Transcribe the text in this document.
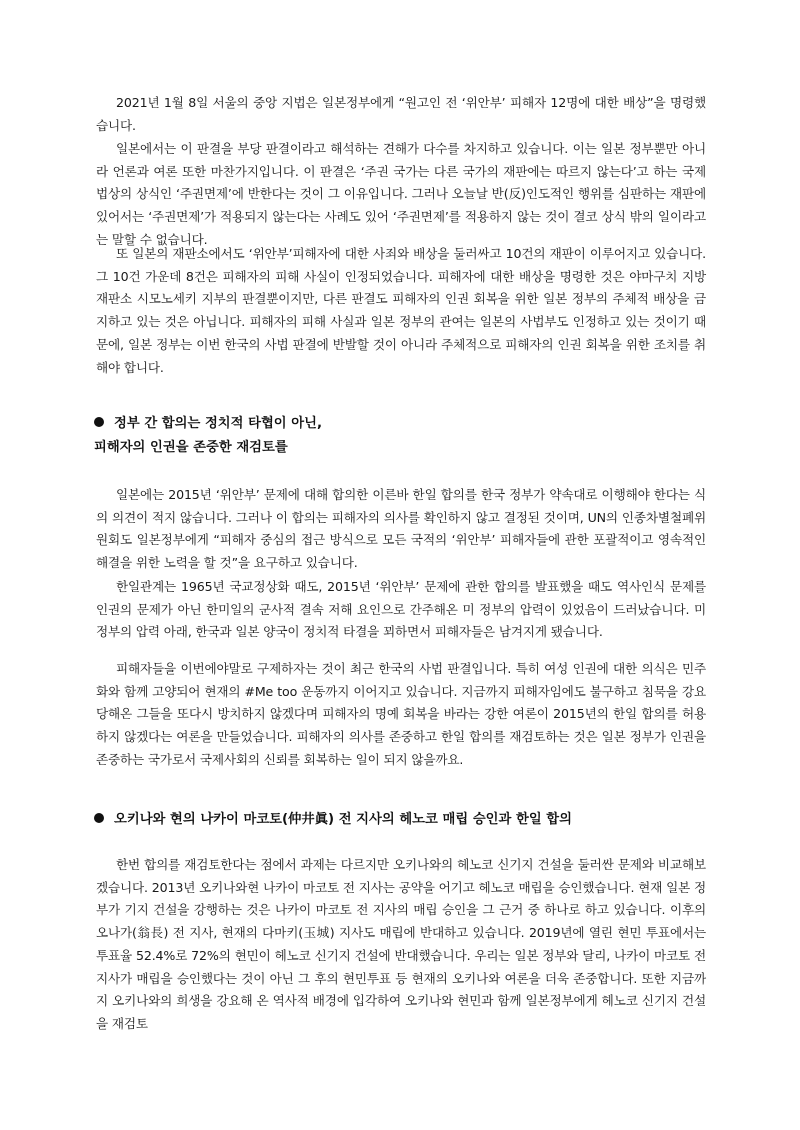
2021년 1월 8일 서울의 중앙 지법은 일본정부에게 “원고인 전 ‘위안부’ 피해자 12명에 대한 배상”을 명령했습니다.

일본에서는 이 판결을 부당 판결이라고 해석하는 견해가 다수를 차지하고 있습니다. 이는 일본 정부뿐만 아니라 언론과 여론 또한 마찬가지입니다. 이 판결은 ‘주권 국가는 다른 국가의 재판에는 따르지 않는다’고 하는 국제법상의 상식인 ‘주권면제’에 반한다는 것이 그 이유입니다. 그러나 오늘날 반(反)인도적인 행위를 심판하는 재판에 있어서는 ‘주권면제’가 적용되지 않는다는 사례도 있어 ‘주권면제’를 적용하지 않는 것이 결코 상식 밖의 일이라고는 말할 수 없습니다.

또 일본의 재판소에서도 ‘위안부’피해자에 대한 사죄와 배상을 둘러싸고 10건의 재판이 이루어지고 있습니다. 그 10건 가운데 8건은 피해자의 피해 사실이 인정되었습니다. 피해자에 대한 배상을 명령한 것은 야마구치 지방 재판소 시모노세키 지부의 판결뿐이지만, 다른 판결도 피해자의 인권 회복을 위한 일본 정부의 주체적 배상을 금지하고 있는 것은 아닙니다. 피해자의 피해 사실과 일본 정부의 관여는 일본의 사법부도 인정하고 있는 것이기 때문에, 일본 정부는 이번 한국의 사법 판결에 반발할 것이 아니라 주체적으로 피해자의 인권 회복을 위한 조치를 취해야 합니다.

정부 간 합의는 정치적 타협이 아닌,
피해자의 인권을 존중한 재검토를

일본에는 2015년 ‘위안부’ 문제에 대해 합의한 이른바 한일 합의를 한국 정부가 약속대로 이행해야 한다는 식의 의견이 적지 않습니다. 그러나 이 합의는 피해자의 의사를 확인하지 않고 결정된 것이며, UN의 인종차별철폐위원회도 일본정부에게 “피해자 중심의 접근 방식으로 모든 국적의 ‘위안부’ 피해자들에 관한 포괄적이고 영속적인 해결을 위한 노력을 할 것”을 요구하고 있습니다.

한일관계는 1965년 국교정상화 때도, 2015년 ‘위안부’ 문제에 관한 합의를 발표했을 때도 역사인식 문제를 인권의 문제가 아닌 한미일의 군사적 결속 저해 요인으로 간주해온 미 정부의 압력이 있었음이 드러났습니다. 미 정부의 압력 아래, 한국과 일본 양국이 정치적 타결을 꾀하면서 피해자들은 남겨지게 됐습니다.

피해자들을 이번에야말로 구제하자는 것이 최근 한국의 사법 판결입니다. 특히 여성 인권에 대한 의식은 민주화와 함께 고양되어 현재의 #Me too 운동까지 이어지고 있습니다. 지금까지 피해자임에도 불구하고 침묵을 강요당해온 그들을 또다시 방치하지 않겠다며 피해자의 명예 회복을 바라는 강한 여론이 2015년의 한일 합의를 허용하지 않겠다는 여론을 만들었습니다. 피해자의 의사를 존중하고 한일 합의를 재검토하는 것은 일본 정부가 인권을 존중하는 국가로서 국제사회의 신뢰를 회복하는 일이 되지 않을까요.

오키나와 현의 나카이 마코토(仲井眞) 전 지사의 헤노코 매립 승인과 한일 합의

한번 합의를 재검토한다는 점에서 과제는 다르지만 오키나와의 헤노코 신기지 건설을 둘러싼 문제와 비교해보겠습니다. 2013년 오키나와현 나카이 마코토 전 지사는 공약을 어기고 헤노코 매립을 승인했습니다. 현재 일본 정부가 기지 건설을 강행하는 것은 나카이 마코토 전 지사의 매립 승인을 그 근거 중 하나로 하고 있습니다. 이후의 오나가(翁長) 전 지사, 현재의 다마키(玉城) 지사도 매립에 반대하고 있습니다. 2019년에 열린 현민 투표에서는 투표율 52.4%로 72%의 현민이 헤노코 신기지 건설에 반대했습니다. 우리는 일본 정부와 달리, 나카이 마코토 전 지사가 매립을 승인했다는 것이 아닌 그 후의 현민투표 등 현재의 오키나와 여론을 더욱 존중합니다. 또한 지금까지 오키나와의 희생을 강요해 온 역사적 배경에 입각하여 오키나와 현민과 함께 일본정부에게 헤노코 신기지 건설을 재검토
